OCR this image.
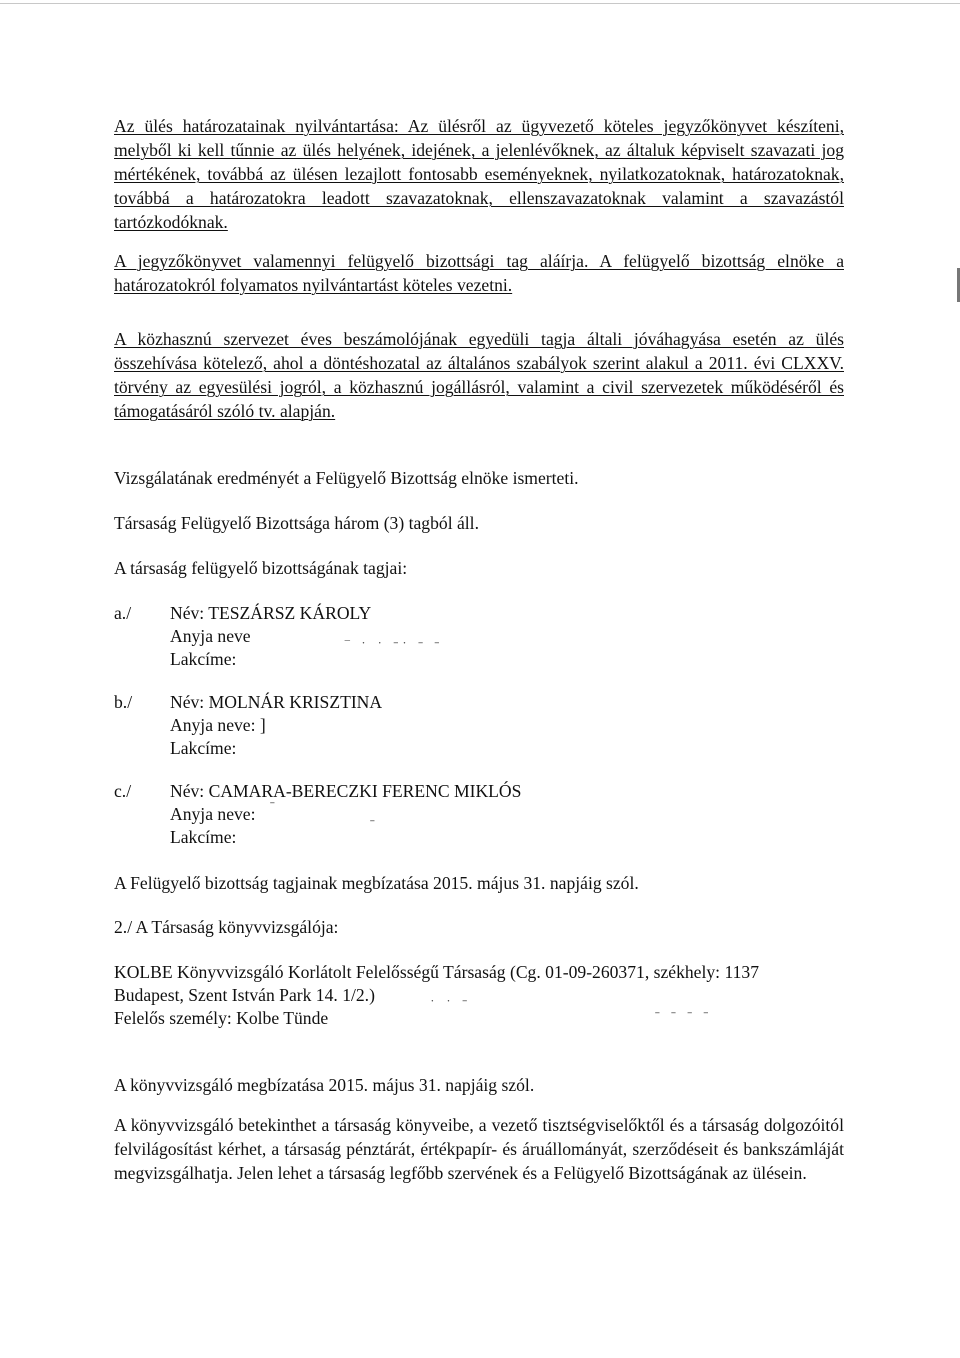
Az ülés határozatainak nyilvántartása: Az ülésről az ügyvezető köteles jegyzőkönyvet készíteni, melyből ki kell tűnnie az ülés helyének, idejének, a jelenlévőknek, az általuk képviselt szavazati jog mértékének, továbbá az ülésen lezajlott fontosabb eseményeknek, nyilatkozatoknak, határozatoknak, továbbá a határozatokra leadott szavazatoknak, ellenszavazatoknak valamint a szavazástól tartózkodóknak.

A jegyzőkönyvet valamennyi felügyelő bizottsági tag aláírja. A felügyelő bizottság elnöke a határozatokról folyamatos nyilvántartást köteles vezetni.

A közhasznú szervezet éves beszámolójának egyedüli tagja általi jóváhagyása esetén az ülés összehívása kötelező, ahol a döntéshozatal az általános szabályok szerint alakul a 2011. évi CLXXV. törvény az egyesülési jogról, a közhasznú jogállásról, valamint a civil szervezetek működéséről és támogatásáról szóló tv. alapján.

Vizsgálatának eredményét a Felügyelő Bizottság elnöke ismerteti.

Társaság Felügyelő Bizottsága három (3) tagból áll.

A társaság felügyelő bizottságának tagjai:

a./ Név: TESZÁRSZ KÁROLY
Anyja neve
Lakcíme:
‾ ˙ ˙ ˉ˙ ˉ ˉ
b./ Név: MOLNÁR KRISZTINA
Anyja neve: ]
Lakcíme:
c./ Név: CAMARA-BERECZKI FERENC MIKLÓS
Anyja neve:
Lakcíme:
ˉ
ˉ

A Felügyelő bizottság tagjainak megbízatása 2015. május 31. napjáig szól.

2./ A Társaság könyvvizsgálója:

KOLBE Könyvvizsgáló Korlátolt Felelősségű Társaság (Cg. 01-09-260371, székhely: 1137

Budapest, Szent István Park 14. 1/2.)

Felelős személy: Kolbe Tünde

˙ ˙ ˉ
ˉ ˉ ˉ ˉ

A könyvvizsgáló megbízatása 2015. május 31. napjáig szól.

A könyvvizsgáló betekinthet a társaság könyveibe, a vezető tisztségviselőktől és a társaság dolgozóitól felvilágosítást kérhet, a társaság pénztárát, értékpapír- és áruállományát, szerződéseit és bankszámláját megvizsgálhatja. Jelen lehet a társaság legfőbb szervének és a Felügyelő Bizottságának az ülésein.
